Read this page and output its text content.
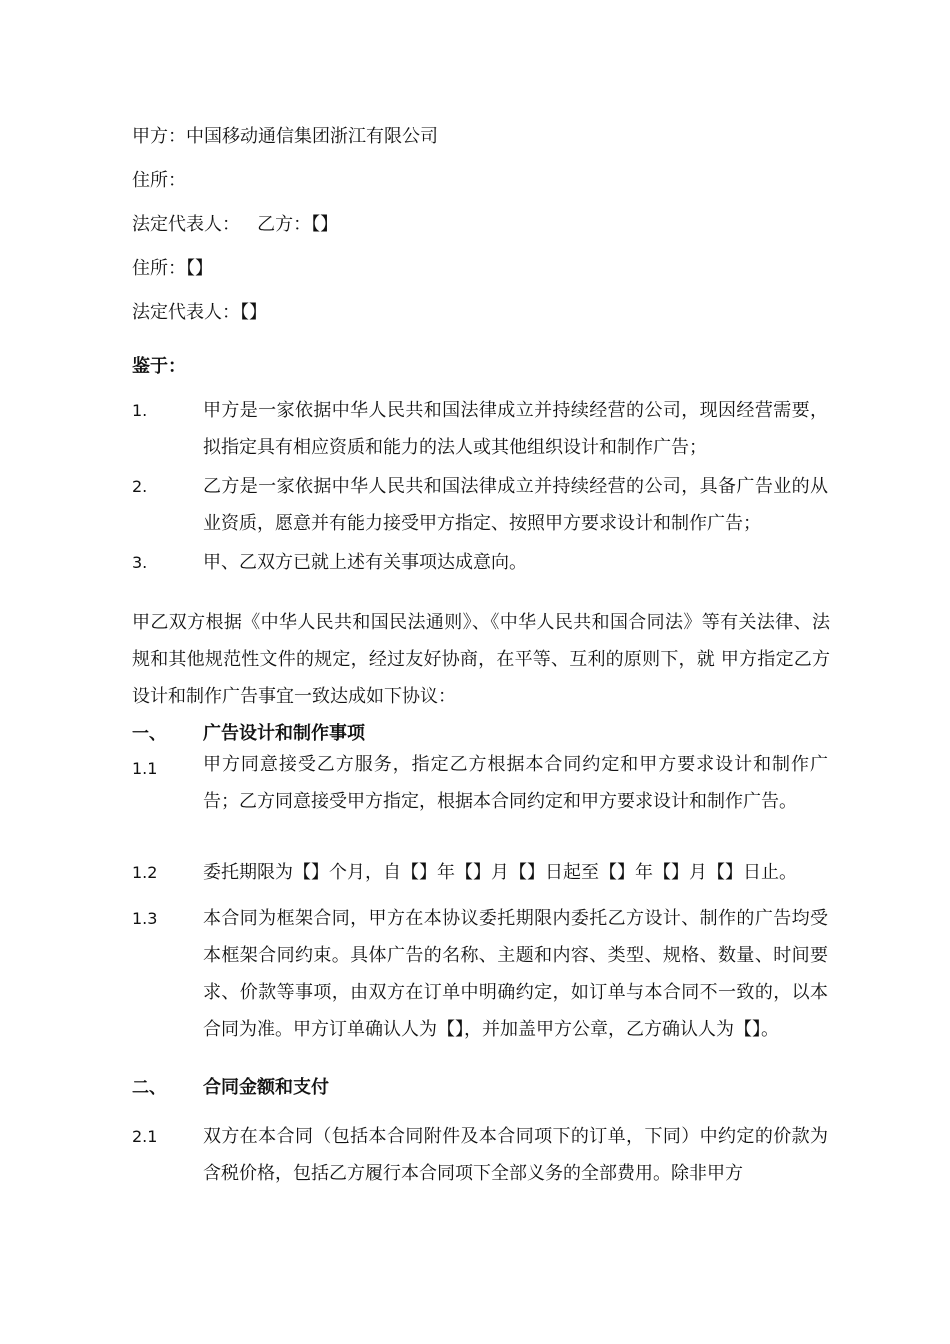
甲方：中国移动通信集团浙江有限公司
住所：
法定代表人：   乙方：【】
住所：【】
法定代表人：【】
鉴于：
1.	甲方是一家依据中华人民共和国法律成立并持续经营的公司，现因经营需要，拟指定具有相应资质和能力的法人或其他组织设计和制作广告；
2.	乙方是一家依据中华人民共和国法律成立并持续经营的公司，具备广告业的从业资质，愿意并有能力接受甲方指定、按照甲方要求设计和制作广告；
3.	甲、乙双方已就上述有关事项达成意向。
甲乙双方根据《中华人民共和国民法通则》、《中华人民共和国合同法》等有关法律、法规和其他规范性文件的规定，经过友好协商，在平等、互利的原则下，就 甲方指定乙方设计和制作广告事宜一致达成如下协议：
一、 广告设计和制作事项
1.1	甲方同意接受乙方服务，指定乙方根据本合同约定和甲方要求设计和制作广告；乙方同意接受甲方指定，根据本合同约定和甲方要求设计和制作广告。
1.2	委托期限为【】个月，自【】年【】月【】日起至【】年【】月【】日止。
1.3	本合同为框架合同，甲方在本协议委托期限内委托乙方设计、制作的广告均受本框架合同约束。具体广告的名称、主题和内容、类型、规格、数量、时间要求、价款等事项，由双方在订单中明确约定，如订单与本合同不一致的，以本合同为准。甲方订单确认人为【】，并加盖甲方公章，乙方确认人为【】。
二、 合同金额和支付
2.1	双方在本合同（包括本合同附件及本合同项下的订单，下同）中约定的价款为含税价格，包括乙方履行本合同项下全部义务的全部费用。除非甲方
